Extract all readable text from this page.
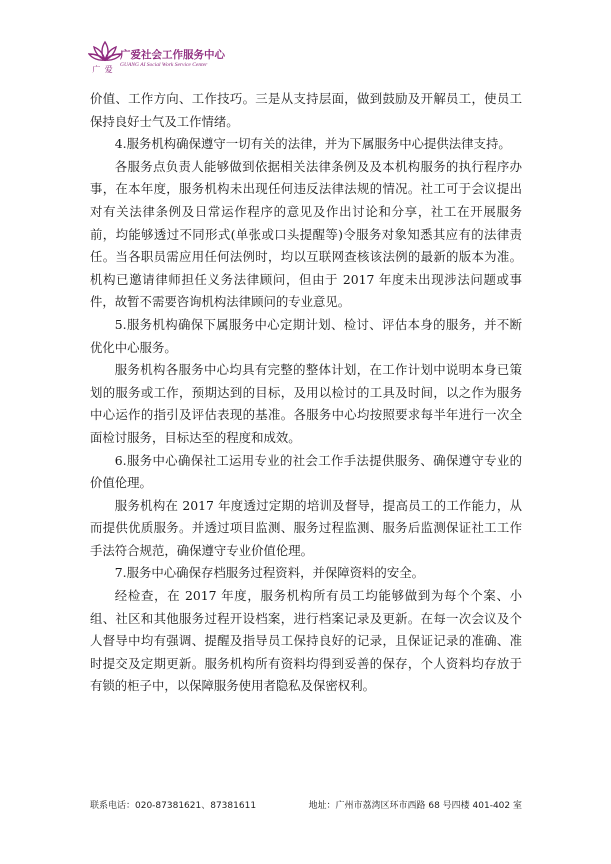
广 爱
广爱社会工作服务中心
GUANG AI Social Work Service Center

价值、工作方向、工作技巧。三是从支持层面，做到鼓励及开解员工，使员工保持良好士气及工作情绪。

4.服务机构确保遵守一切有关的法律，并为下属服务中心提供法律支持。

各服务点负责人能够做到依据相关法律条例及及本机构服务的执行程序办事，在本年度，服务机构未出现任何违反法律法规的情况。社工可于会议提出对有关法律条例及日常运作程序的意见及作出讨论和分享，社工在开展服务前，均能够透过不同形式(单张或口头提醒等)令服务对象知悉其应有的法律责任。当各职员需应用任何法例时，均以互联网查核该法例的最新的版本为准。机构已邀请律师担任义务法律顾问，但由于 2017 年度未出现涉法问题或事件，故暂不需要咨询机构法律顾问的专业意见。

5.服务机构确保下属服务中心定期计划、检讨、评估本身的服务，并不断优化中心服务。

服务机构各服务中心均具有完整的整体计划，在工作计划中说明本身已策划的服务或工作，预期达到的目标，及用以检讨的工具及时间，以之作为服务中心运作的指引及评估表现的基准。各服务中心均按照要求每半年进行一次全面检讨服务，目标达至的程度和成效。

6.服务中心确保社工运用专业的社会工作手法提供服务、确保遵守专业的价值伦理。

服务机构在 2017 年度透过定期的培训及督导，提高员工的工作能力，从而提供优质服务。并透过项目监测、服务过程监测、服务后监测保证社工工作手法符合规范，确保遵守专业价值伦理。

7.服务中心确保存档服务过程资料，并保障资料的安全。

经检查，在 2017 年度，服务机构所有员工均能够做到为每个个案、小组、社区和其他服务过程开设档案，进行档案记录及更新。在每一次会议及个人督导中均有强调、提醒及指导员工保持良好的记录，且保证记录的准确、准时提交及定期更新。服务机构所有资料均得到妥善的保存，个人资料均存放于有锁的柜子中，以保障服务使用者隐私及保密权利。

联系电话：020-87381621、87381611	地址：广州市荔湾区环市西路 68 号四楼 401-402 室
